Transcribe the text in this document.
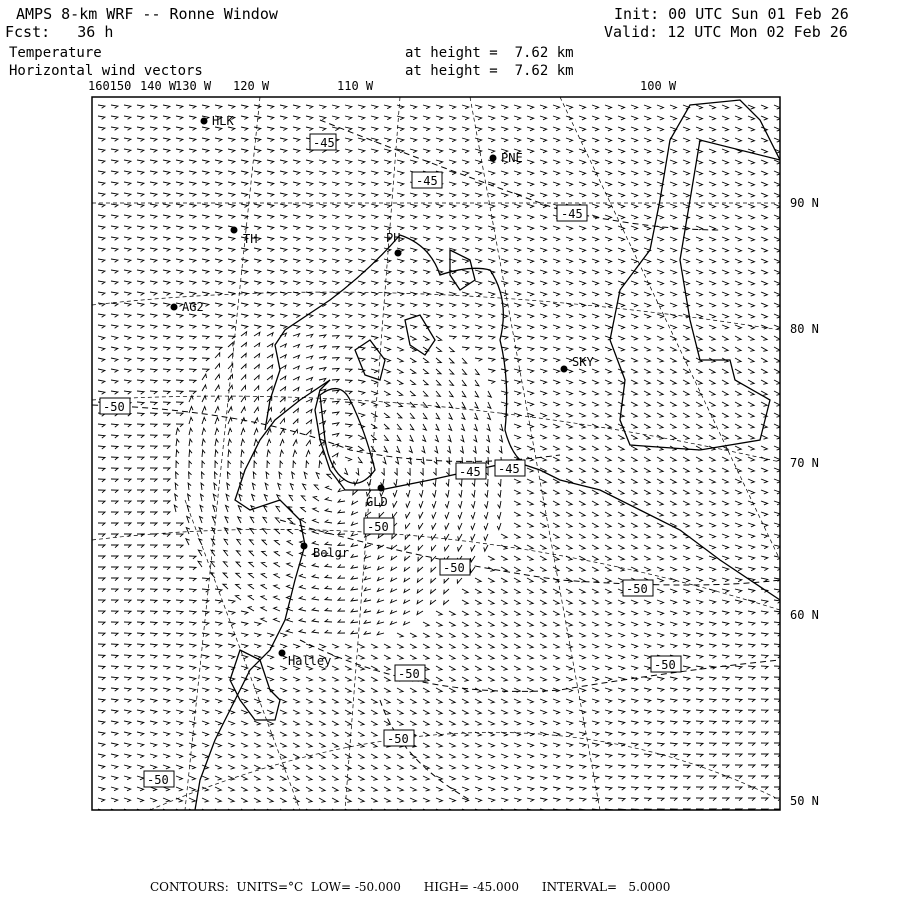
AMPS 8-km WRF -- Ronne Window
Fcst:   36 h
Init: 00 UTC Sun 01 Feb 26
Valid: 12 UTC Mon 02 Feb 26
Temperature
Horizontal wind vectors
at height =  7.62 km
at height =  7.62 km
160150 140 W
130 W 120 W	110 W	100 W
90 N
80 N
70 N
60 N
50 N
HLK
PNE
TH	PH
AG2
SKY
GLD
Belgr
Halley
-45
-45
-45
-50
-45 -45
-50
-50
-50
-50
-50
-50
-50
CONTOURS:  UNITS=°C  LOW= -50.000      HIGH= -45.000      INTERVAL=   5.0000
